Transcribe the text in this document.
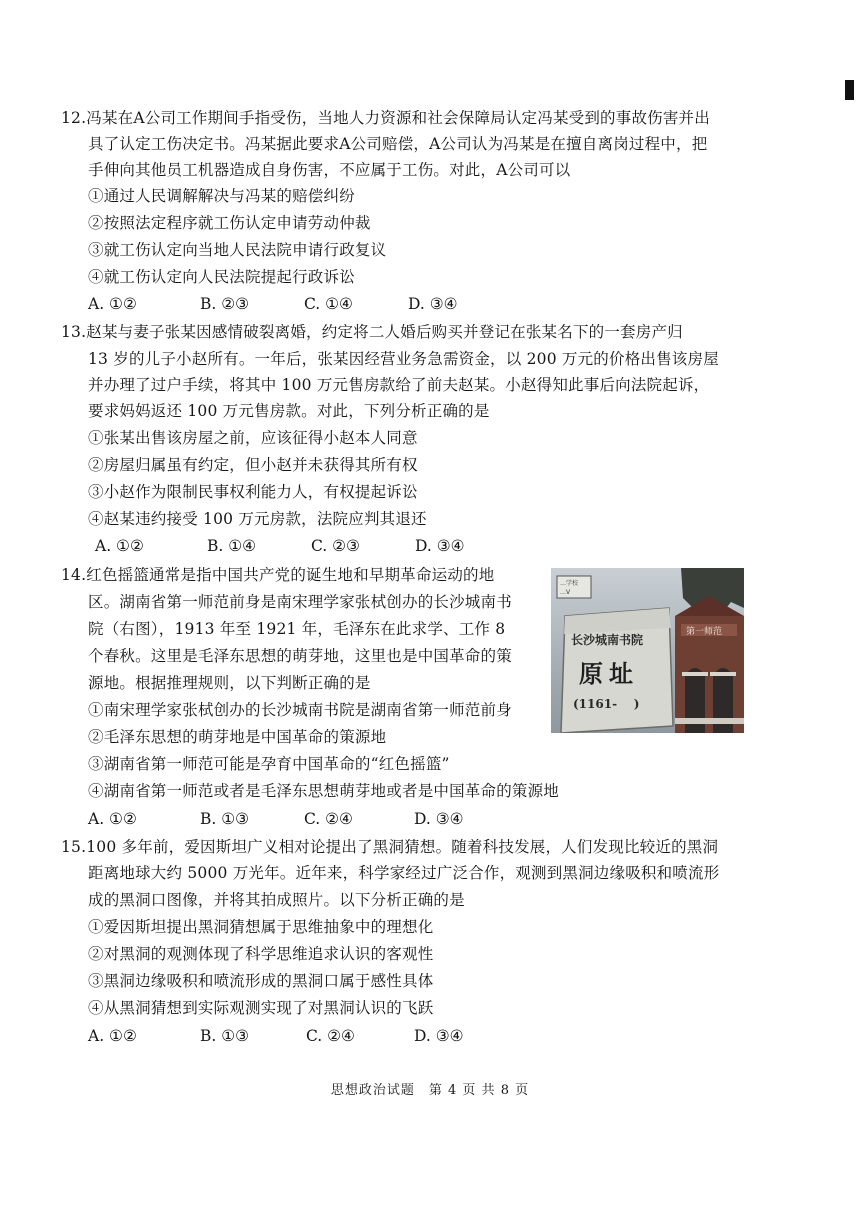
12.冯某在A公司工作期间手指受伤，当地人力资源和社会保障局认定冯某受到的事故伤害并出
具了认定工伤决定书。冯某据此要求A公司赔偿，A公司认为冯某是在擅自离岗过程中，把
手伸向其他员工机器造成自身伤害，不应属于工伤。对此，A公司可以
①通过人民调解解决与冯某的赔偿纠纷
②按照法定程序就工伤认定申请劳动仲裁
③就工伤认定向当地人民法院申请行政复议
④就工伤认定向人民法院提起行政诉讼
A. ①②	B. ②③	C. ①④	D. ③④
13.赵某与妻子张某因感情破裂离婚，约定将二人婚后购买并登记在张某名下的一套房产归
13 岁的儿子小赵所有。一年后，张某因经营业务急需资金，以 200 万元的价格出售该房屋
并办理了过户手续，将其中 100 万元售房款给了前夫赵某。小赵得知此事后向法院起诉，
要求妈妈返还 100 万元售房款。对此，下列分析正确的是
①张某出售该房屋之前，应该征得小赵本人同意
②房屋归属虽有约定，但小赵并未获得其所有权
③小赵作为限制民事权利能力人，有权提起诉讼
④赵某违约接受 100 万元房款，法院应判其退还
A. ①②	B. ①④	C. ②③	D. ③④
14.红色摇篮通常是指中国共产党的诞生地和早期革命运动的地
区。湖南省第一师范前身是南宋理学家张栻创办的长沙城南书
院（右图），1913 年至 1921 年，毛泽东在此求学、工作 8
个春秋。这里是毛泽东思想的萌芽地，这里也是中国革命的策
源地。根据推理规则，以下判断正确的是
①南宋理学家张栻创办的长沙城南书院是湖南省第一师范前身
②毛泽东思想的萌芽地是中国革命的策源地
③湖南省第一师范可能是孕育中国革命的“红色摇篮”
④湖南省第一师范或者是毛泽东思想萌芽地或者是中国革命的策源地
A. ①②	B. ①③	C. ②④	D. ③④
第一师范
…学校
…V
长沙城南书院
原址
(1161-    )
15.100 多年前，爱因斯坦广义相对论提出了黑洞猜想。随着科技发展，人们发现比较近的黑洞
距离地球大约 5000 万光年。近年来，科学家经过广泛合作，观测到黑洞边缘吸积和喷流形
成的黑洞口图像，并将其拍成照片。以下分析正确的是
①爱因斯坦提出黑洞猜想属于思维抽象中的理想化
②对黑洞的观测体现了科学思维追求认识的客观性
③黑洞边缘吸积和喷流形成的黑洞口属于感性具体
④从黑洞猜想到实际观测实现了对黑洞认识的飞跃
A. ①②	B. ①③	C. ②④	D. ③④
思想政治试题　第 4 页 共 8 页
